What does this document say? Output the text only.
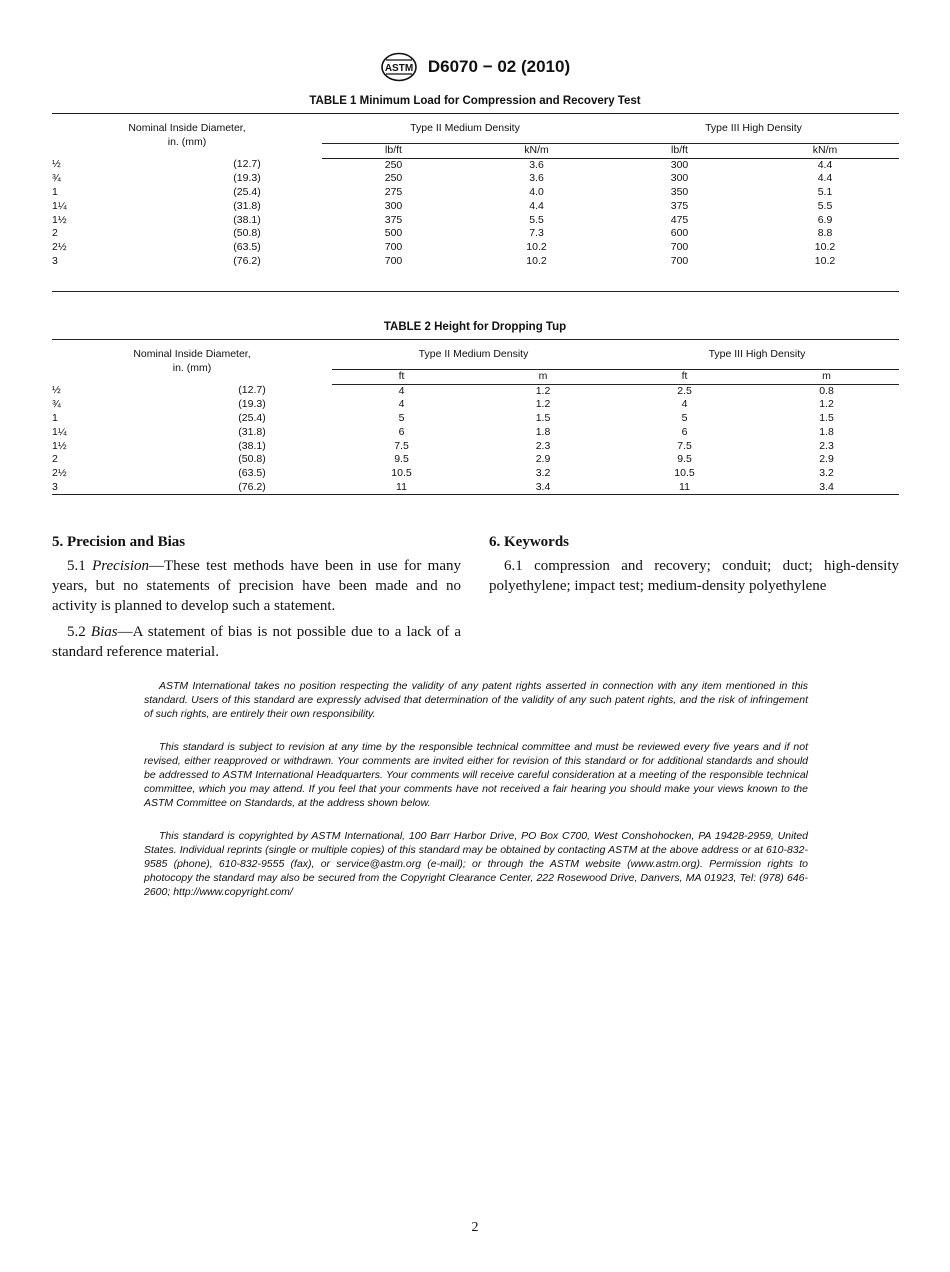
ASTM D6070 − 02 (2010)
TABLE 1 Minimum Load for Compression and Recovery Test
Nominal Inside Diameter,
in. (mm)		Type II Medium Density		Type III High Density	
		lb/ft	kN/m	lb/ft	kN/m
½	(12.7)	250	3.6	300	4.4
¾	(19.3)	250	3.6	300	4.4
1	(25.4)	275	4.0	350	5.1
1¼	(31.8)	300	4.4	375	5.5
1½	(38.1)	375	5.5	475	6.9
2	(50.8)	500	7.3	600	8.8
2½	(63.5)	700	10.2	700	10.2
3	(76.2)	700	10.2	700	10.2
TABLE 2 Height for Dropping Tup
Nominal Inside Diameter,
in. (mm)		Type II Medium Density		Type III High Density	
		ft	m	ft	m
½	(12.7)	4	1.2	2.5	0.8
¾	(19.3)	4	1.2	4	1.2
1	(25.4)	5	1.5	5	1.5
1¼	(31.8)	6	1.8	6	1.8
1½	(38.1)	7.5	2.3	7.5	2.3
2	(50.8)	9.5	2.9	9.5	2.9
2½	(63.5)	10.5	3.2	10.5	3.2
3	(76.2)	11	3.4	11	3.4
5. Precision and Bias

5.1 Precision—These test methods have been in use for many years, but no statements of precision have been made and no activity is planned to develop such a statement.

5.2 Bias—A statement of bias is not possible due to a lack of a standard reference material.

6. Keywords

6.1 compression and recovery; conduit; duct; high-density polyethylene; impact test; medium-density polyethylene

ASTM International takes no position respecting the validity of any patent rights asserted in connection with any item mentioned in this standard. Users of this standard are expressly advised that determination of the validity of any such patent rights, and the risk of infringement of such rights, are entirely their own responsibility.

This standard is subject to revision at any time by the responsible technical committee and must be reviewed every five years and if not revised, either reapproved or withdrawn. Your comments are invited either for revision of this standard or for additional standards and should be addressed to ASTM International Headquarters. Your comments will receive careful consideration at a meeting of the responsible technical committee, which you may attend. If you feel that your comments have not received a fair hearing you should make your views known to the ASTM Committee on Standards, at the address shown below.

This standard is copyrighted by ASTM International, 100 Barr Harbor Drive, PO Box C700, West Conshohocken, PA 19428-2959, United States. Individual reprints (single or multiple copies) of this standard may be obtained by contacting ASTM at the above address or at 610-832-9585 (phone), 610-832-9555 (fax), or service@astm.org (e-mail); or through the ASTM website (www.astm.org). Permission rights to photocopy the standard may also be secured from the Copyright Clearance Center, 222 Rosewood Drive, Danvers, MA 01923, Tel: (978) 646-2600; http://www.copyright.com/

2
